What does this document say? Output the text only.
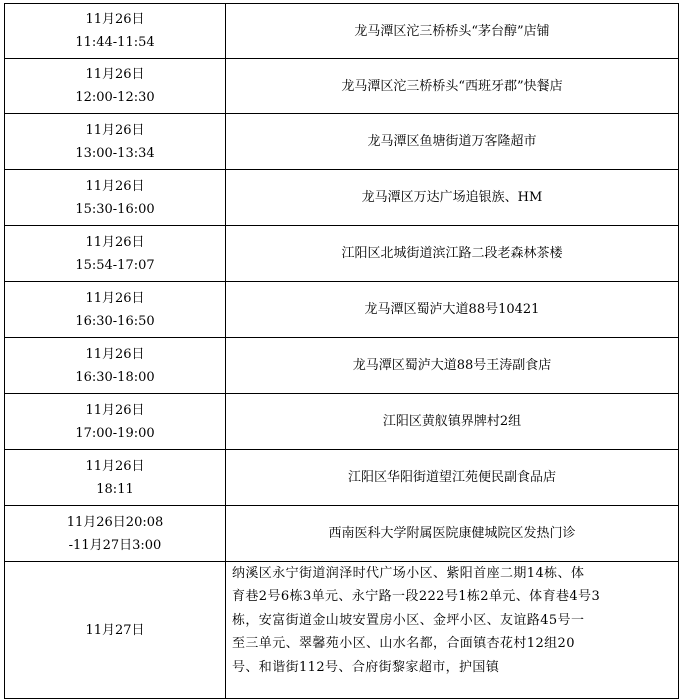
11月26日
11:44-11:54	龙马潭区沱三桥桥头“茅台醇”店铺

11月26日
12:00-12:30	龙马潭区沱三桥桥头“西班牙郡”快餐店

11月26日
13:00-13:34	龙马潭区鱼塘街道万客隆超市

11月26日
15:30-16:00	龙马潭区万达广场追银族、HM

11月26日
15:54-17:07	江阳区北城街道滨江路二段老森林茶楼

11月26日
16:30-16:50	龙马潭区蜀泸大道88号10421

11月26日
16:30-18:00	龙马潭区蜀泸大道88号王涛副食店

11月26日
17:00-19:00	江阳区黄舣镇界牌村2组

11月26日
18:11	江阳区华阳街道望江苑便民副食品店

11月26日20:08
-11月27日3:00	西南医科大学附属医院康健城院区发热门诊
11月27日	纳溪区永宁街道润泽时代广场小区、紫阳首座二期14栋、体
育巷2号6栋3单元、永宁路一段222号1栋2单元、体育巷4号3
栋，安富街道金山坡安置房小区、金坪小区、友谊路45号一
至三单元、翠馨苑小区、山水名都，合面镇杏花村12组20
号、和谐街112号、合府街黎家超市，护国镇
